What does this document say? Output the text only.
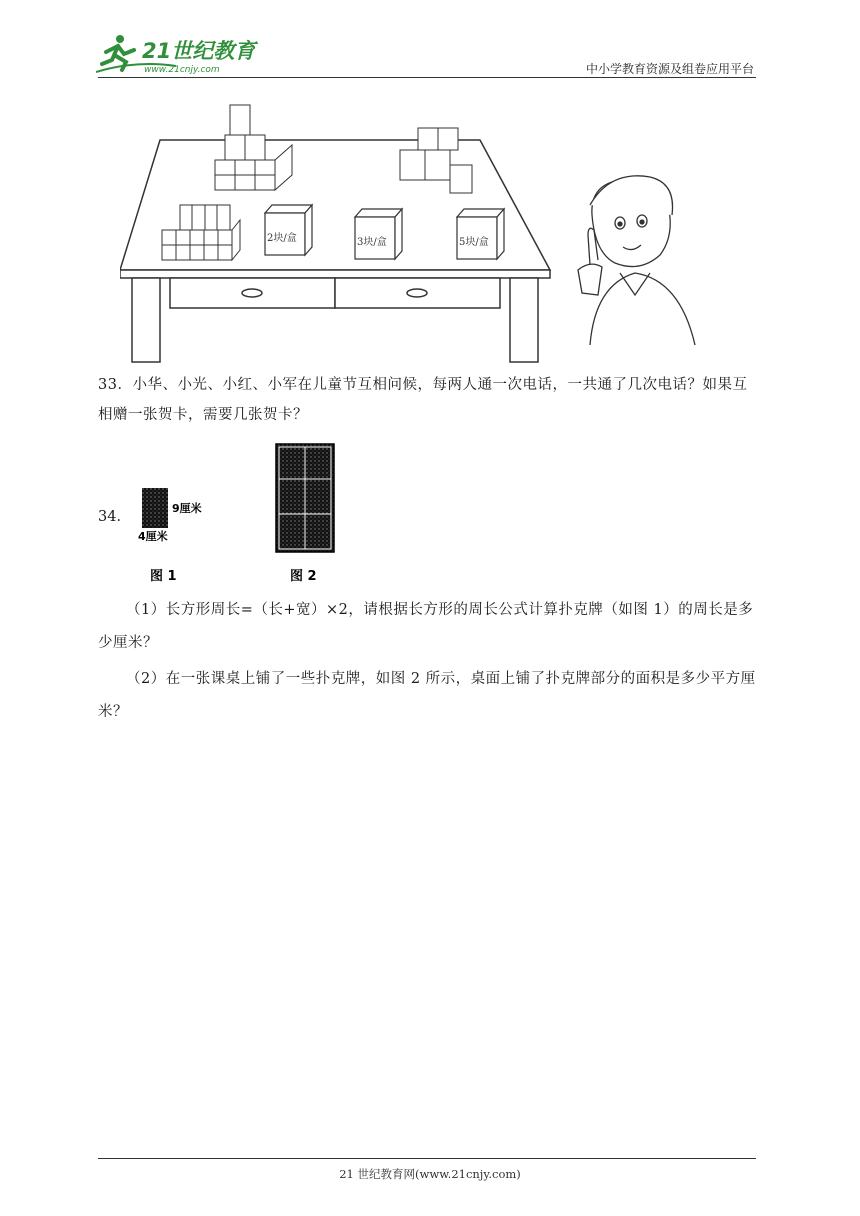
21世纪教育
www.21cnjy.com	中小学教育资源及组卷应用平台
2块/盒	3块/盒	5块/盒
33．小华、小光、小红、小军在儿童节互相问候，每两人通一次电话，一共通了几次电话？如果互相赠一张贺卡，需要几张贺卡？
34．
9厘米
4厘米
图 1	图 2
（1）长方形周长=（长+宽）×2，请根据长方形的周长公式计算扑克牌（如图 1）的周长是多少厘米？
（2）在一张课桌上铺了一些扑克牌，如图 2 所示，桌面上铺了扑克牌部分的面积是多少平方厘米？
21 世纪教育网(www.21cnjy.com)
